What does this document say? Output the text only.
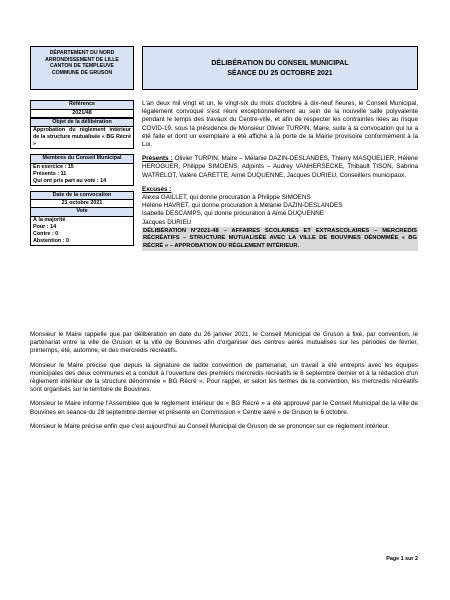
DÉPARTEMENT DU NORD
ARRONDISSEMENT DE LILLE
CANTON DE TEMPLEUVE
COMMUNE DE GRUSON
DÉLIBÉRATION DU CONSEIL MUNICIPAL
SÉANCE DU 25 OCTOBRE 2021
Référence
2021/48
Objet de la délibération
Approbation du règlement intérieur de la structure mutualisée « BG Récré »
Membres du Conseil Municipal
En exercice : 15
Présents : 11
Qui ont pris part au vote : 14
Date de la convocation
21 octobre 2021
Vote
À la majorité
Pour : 14
Contre : 0
Abstention : 0

L'an deux mil vingt et un, le vingt-six du mois d'octobre à dix-neuf heures, le Conseil Municipal, légalement convoqué s'est réuni exceptionnellement au sein de la nouvelle salle polyvalente pendant le temps des travaux du Centre-ville, et afin de respecter les contraintes liées au risque COVID-19, sous la présidence de Monsieur Olivier TURPIN, Maire, suite à la convocation qui lui a été faite et dont un exemplaire a été affiché à la porte de la Mairie provisoire conformément à la Loi.

Présents : Olivier TURPIN, Maire – Mélanie DAZIN-DESLANDES, Thierry MASQUELIER, Hélène HEROGUER, Philippe SIMOENS, Adjoints – Audrey VANHERSECKE, Thibault TISON, Sabrina WATRELOT, Valère CARETTE, Aimé DUQUENNE, Jacques DURIEU, Conseillers municipaux.

Excusés :
Alexia GAILLET, qui donne procuration à Philippe SIMOENS
Hélène HAVRET, qui donne procuration à Mélanie DAZIN-DESLANDES
Isabelle DESCAMPS, qui donne procuration à Aimé DUQUENNE
Jacques DURIEU
DÉLIBÉRATION N°2021-48 – AFFAIRES SCOLAIRES ET EXTRASCOLAIRES – MERCREDIS RÉCRÉATIFS – STRUCTURE MUTUALISÉE AVEC LA VILLE DE BOUVINES DÉNOMMÉE « BG RÉCRÉ » – APPROBATION DU RÈGLEMENT INTÉRIEUR.

Monsieur le Maire rappelle que par délibération en date du 26 janvier 2021, le Conseil Municipal de Gruson a fixé, par convention, le partenariat entre la ville de Gruson et la ville de Bouvines afin d'organiser des centres aérés mutualisés sur les périodes de février, printemps, été, automne, et des mercredis récréatifs.

Monsieur le Maire précise que depuis la signature de ladite convention de partenariat, un travail a été entrepris avec les équipes municipales des deux communes et a conduit à l'ouverture des premiers mercredis récréatifs le 8 septembre dernier et à la rédaction d'un règlement intérieur de la structure dénommée « BG Récré ». Pour rappel, et selon les termes de la convention, les mercredis récréatifs sont organisés sur le territoire de Bouvines.

Monsieur le Maire informe l'Assemblée que le règlement intérieur de « BG Récré » a été approuvé par le Conseil Municipal de la ville de Bouvines en séance du 28 septembre dernier et présenté en Commission « Centre aéré » de Gruson le 6 octobre.

Monsieur le Maire précise enfin que c'est aujourd'hui au Conseil Municipal de Gruson de se prononcer sur ce règlement intérieur.

Page 1 sur 2
